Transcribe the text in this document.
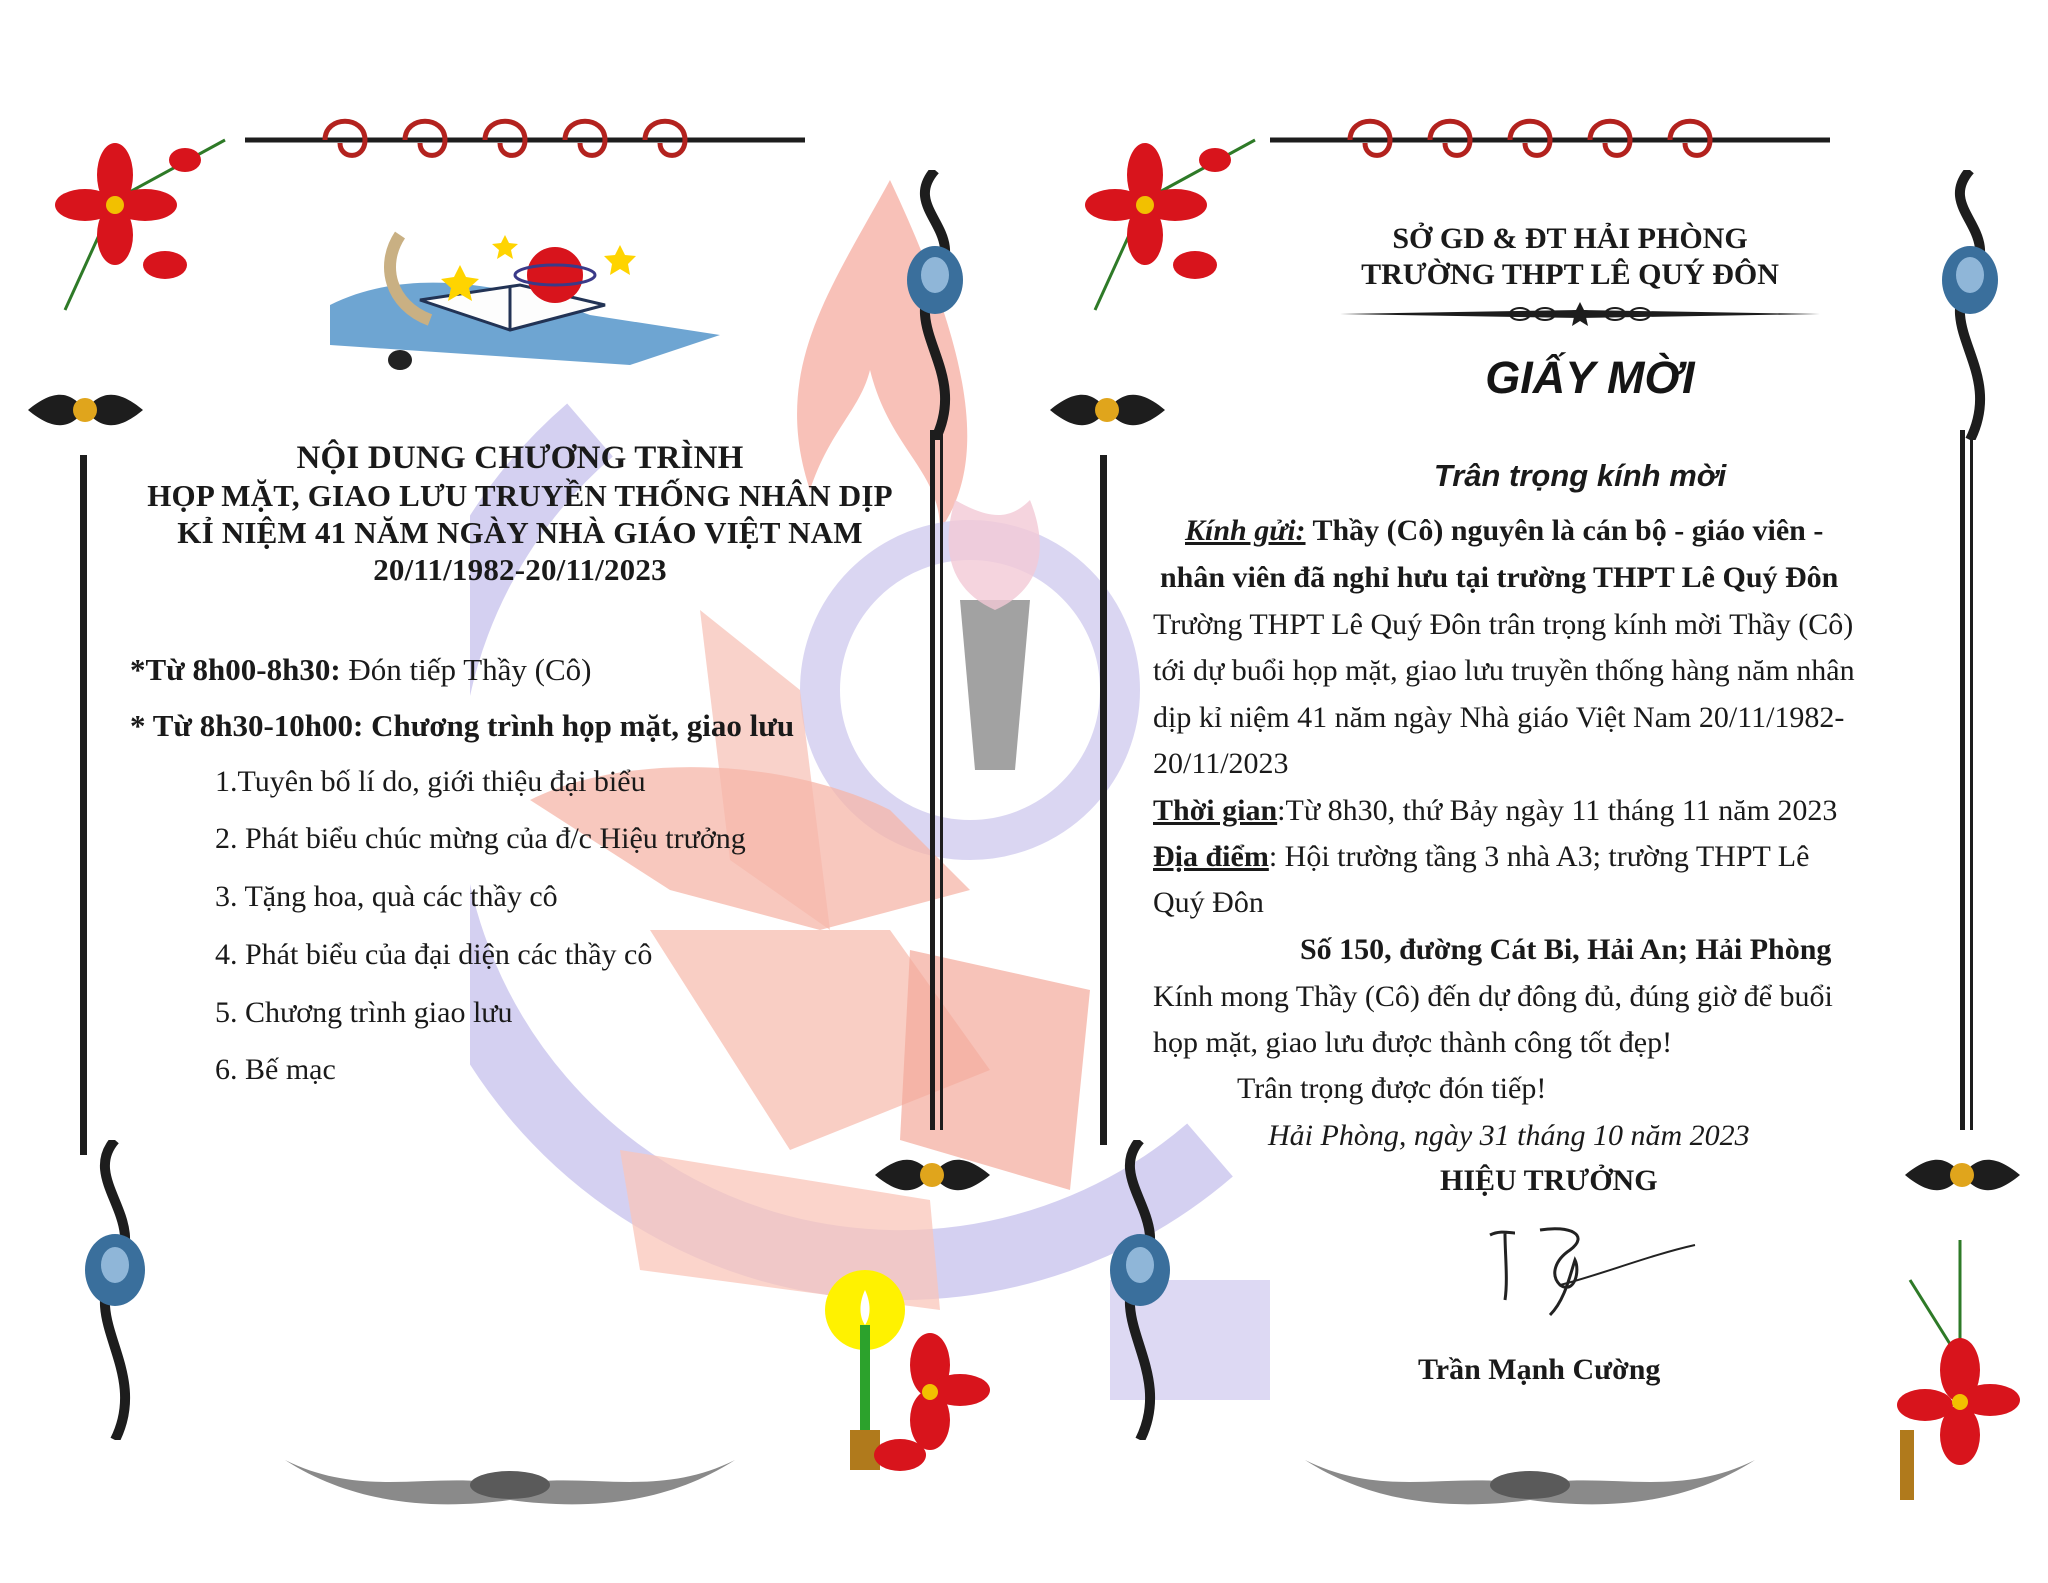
NỘI DUNG CHƯƠNG TRÌNH
HỌP MẶT, GIAO LƯU TRUYỀN THỐNG NHÂN DỊP
KỈ NIỆM 41 NĂM NGÀY NHÀ GIÁO VIỆT NAM
20/11/1982-20/11/2023
*Từ 8h00-8h30: Đón tiếp Thầy (Cô)
* Từ 8h30-10h00: Chương trình họp mặt, giao lưu
1.Tuyên bố lí do, giới thiệu đại biểu
2. Phát biểu chúc mừng của đ/c Hiệu trưởng
3. Tặng hoa, quà các thầy cô
4. Phát biểu của đại diện các thầy cô
5. Chương trình giao lưu
6. Bế mạc
SỞ GD & ĐT HẢI PHÒNG
TRƯỜNG THPT LÊ QUÝ ĐÔN
GIẤY MỜI
Trân trọng kính mời
Kính gửi: Thầy (Cô) nguyên là cán bộ - giáo viên -
nhân viên đã nghỉ hưu tại trường THPT Lê Quý Đôn
Trường THPT Lê Quý Đôn trân trọng kính mời Thầy (Cô)
tới dự buổi họp mặt, giao lưu truyền thống hàng năm nhân
dịp kỉ niệm 41 năm ngày Nhà giáo Việt Nam 20/11/1982-
20/11/2023
Thời gian:Từ 8h30, thứ Bảy ngày 11 tháng 11 năm 2023
Địa điểm: Hội trường tầng 3 nhà A3; trường THPT Lê
Quý Đôn
Số 150, đường Cát Bi, Hải An; Hải Phòng
Kính mong Thầy (Cô) đến dự đông đủ, đúng giờ để buổi
họp mặt, giao lưu được thành công tốt đẹp!
Trân trọng được đón tiếp!
Hải Phòng, ngày 31 tháng 10 năm 2023
HIỆU TRƯỞNG
Trần Mạnh Cường
